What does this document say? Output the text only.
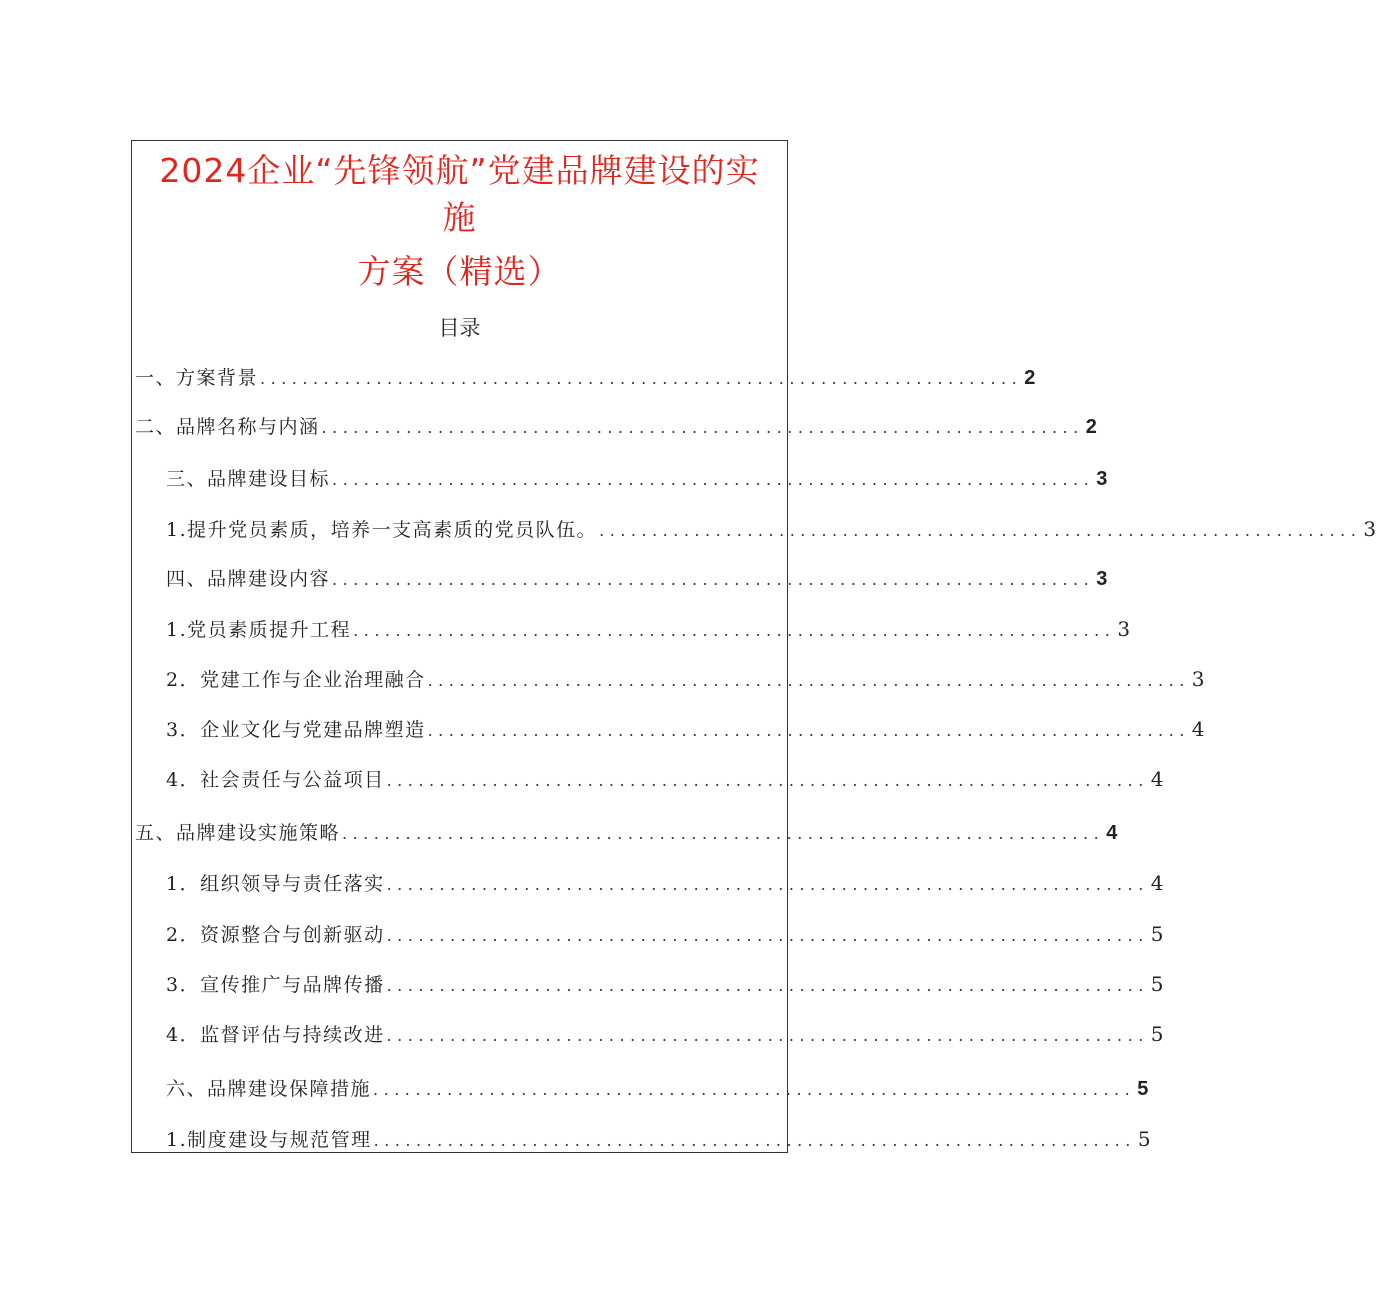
2024企业“先锋领航”党建品牌建设的实
施
方案（精选）
目录
一、方案背景 ........................................................................ 2
二、品牌名称与内涵 ........................................................................ 2
三、品牌建设目标 ........................................................................ 3
1.提升党员素质，培养一支高素质的党员队伍。 ........................................................................ 3
四、品牌建设内容 ........................................................................ 3
1.党员素质提升工程 ........................................................................ 3
2．党建工作与企业治理融合 ........................................................................ 3
3．企业文化与党建品牌塑造 ........................................................................ 4
4．社会责任与公益项目 ........................................................................ 4
五、品牌建设实施策略 ........................................................................ 4
1．组织领导与责任落实 ........................................................................ 4
2．资源整合与创新驱动 ........................................................................ 5
3．宣传推广与品牌传播 ........................................................................ 5
4．监督评估与持续改进 ........................................................................ 5
六、品牌建设保障措施 ........................................................................ 5
1.制度建设与规范管理 ........................................................................ 5
